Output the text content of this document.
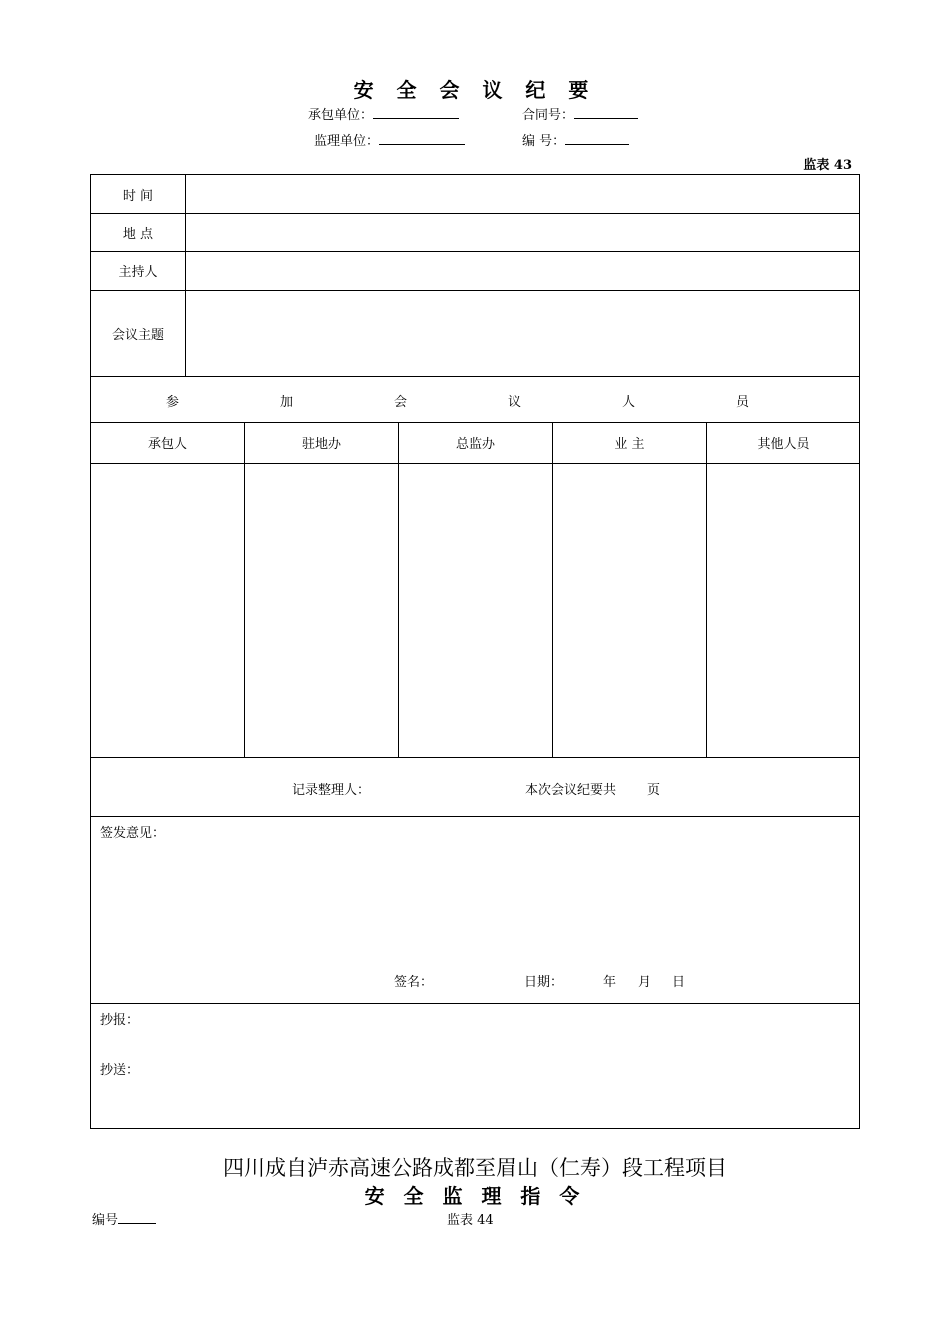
安 全 会 议 纪 要
承包单位：	合同号：
监理单位：	编 号：
监表 43
时 间
地 点
主持人
会议主题
参	加	会	议	人	员
承包人	驻地办	总监办	业 主	其他人员
记录整理人：	本次会议纪要共 页
签发意见：
签名：	日期：	年 月 日
抄报：
抄送：
四川成自泸赤高速公路成都至眉山（仁寿）段工程项目
安 全 监 理 指 令
编号	监表 44
